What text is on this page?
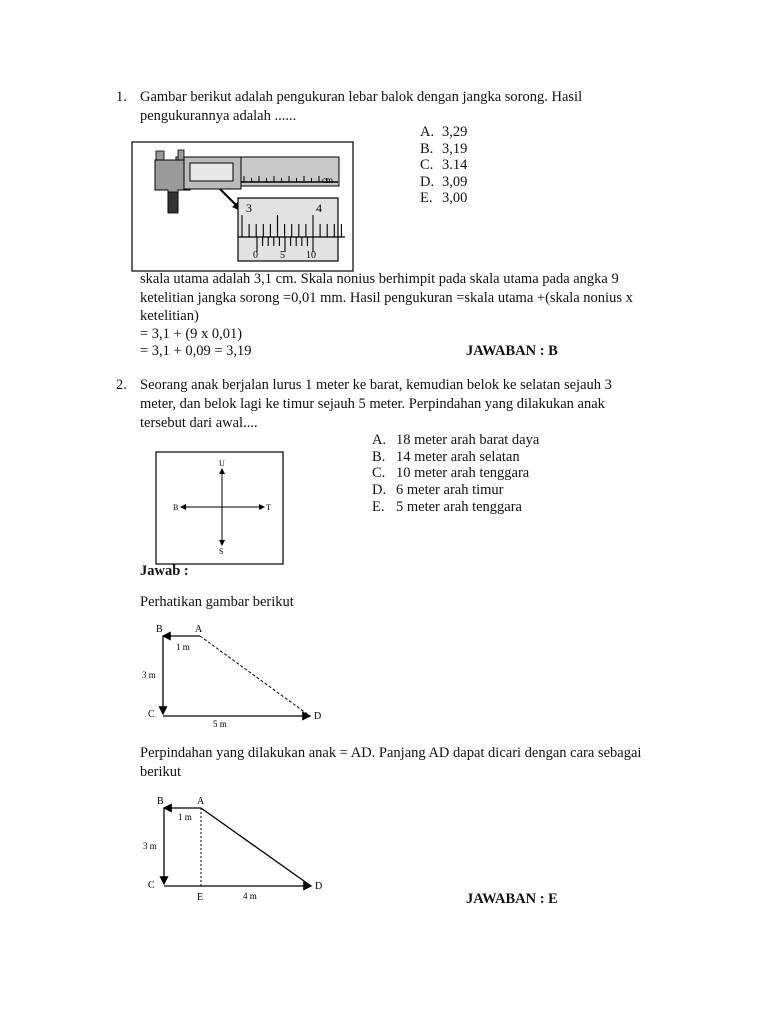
1. Gambar berikut adalah pengukuran lebar balok dengan jangka sorong. Hasil
pengukurannya adalah ......
A. 3,29
B. 3,19
C. 3.14
D. 3,09
E. 3,00
cm
3	4
0 5 10
skala utama adalah 3,1 cm. Skala nonius berhimpit pada skala utama pada angka 9
ketelitian jangka sorong =0,01 mm. Hasil pengukuran =skala utama +(skala nonius x
ketelitian)
= 3,1 + (9 x 0,01)
= 3,1 + 0,09 = 3,19	JAWABAN : B
2. Seorang anak berjalan lurus 1 meter ke barat, kemudian belok ke selatan sejauh 3
meter, dan belok lagi ke timur sejauh 5 meter. Perpindahan yang dilakukan anak
tersebut dari awal....
A. 18 meter arah barat daya
B. 14 meter arah selatan
C. 10 meter arah tenggara
D. 6 meter arah timur
E. 5 meter arah tenggara
U
S
B	T
Jawab :
Perhatikan gambar berikut
B	A
C	D
1 m
3 m
5 m
Perpindahan yang dilakukan anak = AD. Panjang AD dapat dicari dengan cara sebagai
berikut
B	A
C	D
E
1 m
3 m
4 m	JAWABAN : E
